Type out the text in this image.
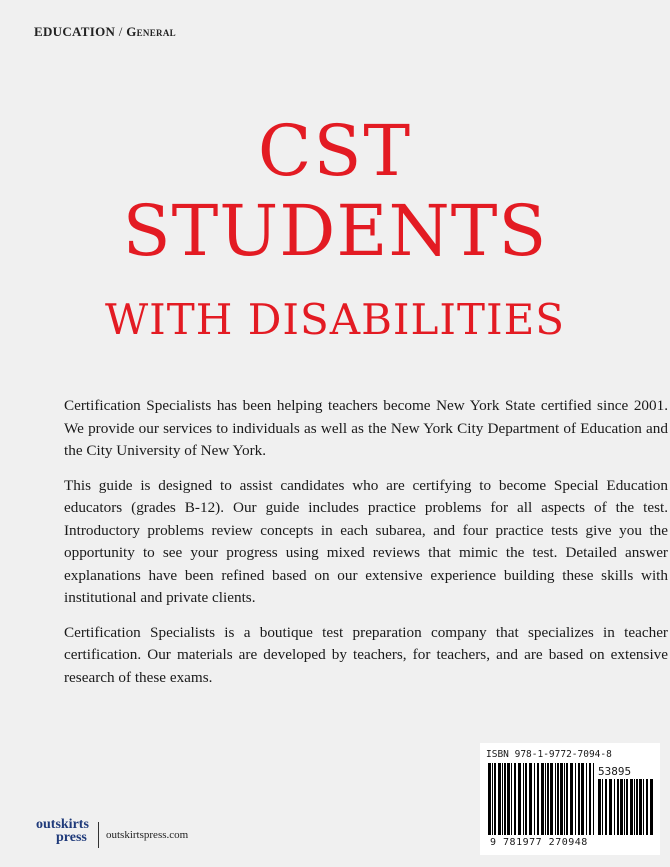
EDUCATION / General
CST
STUDENTS
WITH DISABILITIES

Certification Specialists has been helping teachers become New York State certified since 2001. We provide our services to individuals as well as the New York City Department of Education and the City University of New York.

This guide is designed to assist candidates who are certifying to become Special Education educators (grades B-12). Our guide includes practice problems for all aspects of the test. Introductory problems review concepts in each subarea, and four practice tests give you the opportunity to see your progress using mixed reviews that mimic the test. Detailed answer explanations have been refined based on our extensive experience building these skills with institutional and private clients.

Certification Specialists is a boutique test preparation company that specializes in teacher certification. Our materials are developed by teachers, for teachers, and are based on extensive research of these exams.

ISBN 978-1-9772-7094-8
53895
9 781977 270948
outskirts
press outskirtspress.com
